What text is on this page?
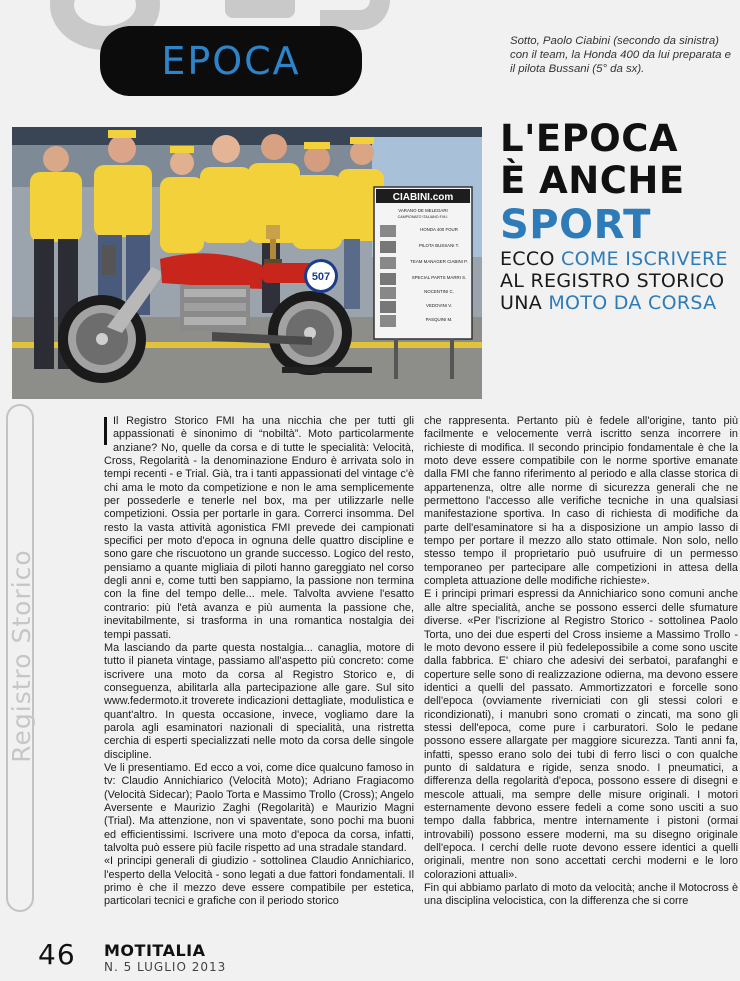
EPOCA	Sotto, Paolo Ciabini (secondo da sinistra) con il team, la Honda 400 da lui preparata e il pilota Bussani (5° da sx).

CIABINI.com
VARANO DE MELEGARI
CAMPIONATO ITALIANO F.M.I.
HONDA 400 FOUR
PILOTA BUSSANI T.
TEAM MANAGER CIABINI P.
SPECIAL PARTS MARRI S.
NOCENTINI C.
VEDOVINI V.
PASQUINI M.
507
L'EPOCA
È ANCHE
SPORT
ECCO COME ISCRIVERE AL REGISTRO STORICO UNA MOTO DA CORSA
Registro Storico

Il Registro Storico FMI ha una nicchia che per tutti gli appassionati è sinonimo di “nobiltà”. Moto particolarmente anziane? No, quelle da corsa e di tutte le specialità: Velocità, Cross, Regolarità - la denominazione Enduro è arrivata solo in tempi recenti - e Trial. Già, tra i tanti appassionati del vintage c'è chi ama le moto da competizione e non le ama semplicemente per possederle e tenerle nel box, ma per utilizzarle nelle competizioni. Ossia per portarle in gara. Correrci insomma. Del resto la vasta attività agonistica FMI prevede dei campionati specifici per moto d'epoca in ognuna delle quattro discipline e sono gare che riscuotono un grande successo. Logico del resto, pensiamo a quante migliaia di piloti hanno gareggiato nel corso degli anni e, come tutti ben sappiamo, la passione non termina con la fine del tempo delle... mele. Talvolta avviene l'esatto contrario: più l'età avanza e più aumenta la passione che, inevitabilmente, si trasforma in una romantica nostalgia dei tempi passati.

Ma lasciando da parte questa nostalgia... canaglia, motore di tutto il pianeta vintage, passiamo all'aspetto più concreto: come iscrivere una moto da corsa al Registro Storico e, di conseguenza, abilitarla alla partecipazione alle gare. Sul sito www.federmoto.it troverete indicazioni dettagliate, modulistica e quant'altro. In questa occasione, invece, vogliamo dare la parola agli esaminatori nazionali di specialità, una ristretta cerchia di esperti specializzati nelle moto da corsa delle singole discipline.

Ve li presentiamo. Ed ecco a voi, come dice qualcuno famoso in tv: Claudio Annichiarico (Velocità Moto); Adriano Fragiacomo (Velocità Sidecar); Paolo Torta e Massimo Trollo (Cross); Angelo Aversente e Maurizio Zaghi (Regolarità) e Maurizio Magni (Trial). Ma attenzione, non vi spaventate, sono pochi ma buoni ed efficientissimi. Iscrivere una moto d'epoca da corsa, infatti, talvolta può essere più facile rispetto ad una stradale standard.

«I principi generali di giudizio - sottolinea Claudio Annichiarico, l'esperto della Velocità - sono legati a due fattori fondamentali. Il primo è che il mezzo deve essere compatibile per estetica, particolari tecnici e grafiche con il periodo storico

che rappresenta. Pertanto più è fedele all'origine, tanto più facilmente e velocemente verrà iscritto senza incorrere in richieste di modifica. Il secondo principio fondamentale è che la moto deve essere compatibile con le norme sportive emanate dalla FMI che fanno riferimento al periodo e alla classe storica di appartenenza, oltre alle norme di sicurezza generali che ne permettono l'accesso alle verifiche tecniche in una qualsiasi manifestazione sportiva. In caso di richiesta di modifiche da parte dell'esaminatore si ha a disposizione un ampio lasso di tempo per portare il mezzo allo stato ottimale. Non solo, nello stesso tempo il proprietario può usufruire di un permesso temporaneo per partecipare alle competizioni in attesa della completa attuazione delle modifiche richieste».

E i principi primari espressi da Annichiarico sono comuni anche alle altre specialità, anche se possono esserci delle sfumature diverse. «Per l'iscrizione al Registro Storico - sottolinea Paolo Torta, uno dei due esperti del Cross insieme a Massimo Trollo - le moto devono essere il più fedelepossibile a come sono uscite dalla fabbrica. E' chiaro che adesivi dei serbatoi, parafanghi e coperture selle sono di realizzazione odierna, ma devono essere identici a quelli del passato. Ammortizzatori e forcelle sono dell'epoca (ovviamente riverniciati con gli stessi colori e ricondizionati), i manubri sono cromati o zincati, ma sono gli stessi dell'epoca, come pure i carburatori. Solo le pedane possono essere allargate per maggiore sicurezza. Tanti anni fa, infatti, spesso erano solo dei tubi di ferro lisci o con qualche punto di saldatura e rigide, senza snodo. I pneumatici, a differenza della regolarità d'epoca, possono essere di disegni e mescole attuali, ma sempre delle misure originali. I motori esternamente devono essere fedeli a come sono usciti a suo tempo dalla fabbrica, mentre internamente i pistoni (ormai introvabili) possono essere moderni, ma su disegno originale dell'epoca. I cerchi delle ruote devono essere identici a quelli originali, mentre non sono accettati cerchi moderni e le loro colorazioni attuali».

Fin qui abbiamo parlato di moto da velocità; anche il Motocross è una disciplina velocistica, con la differenza che si corre

46 MOTITALIA
N. 5 LUGLIO 2013
